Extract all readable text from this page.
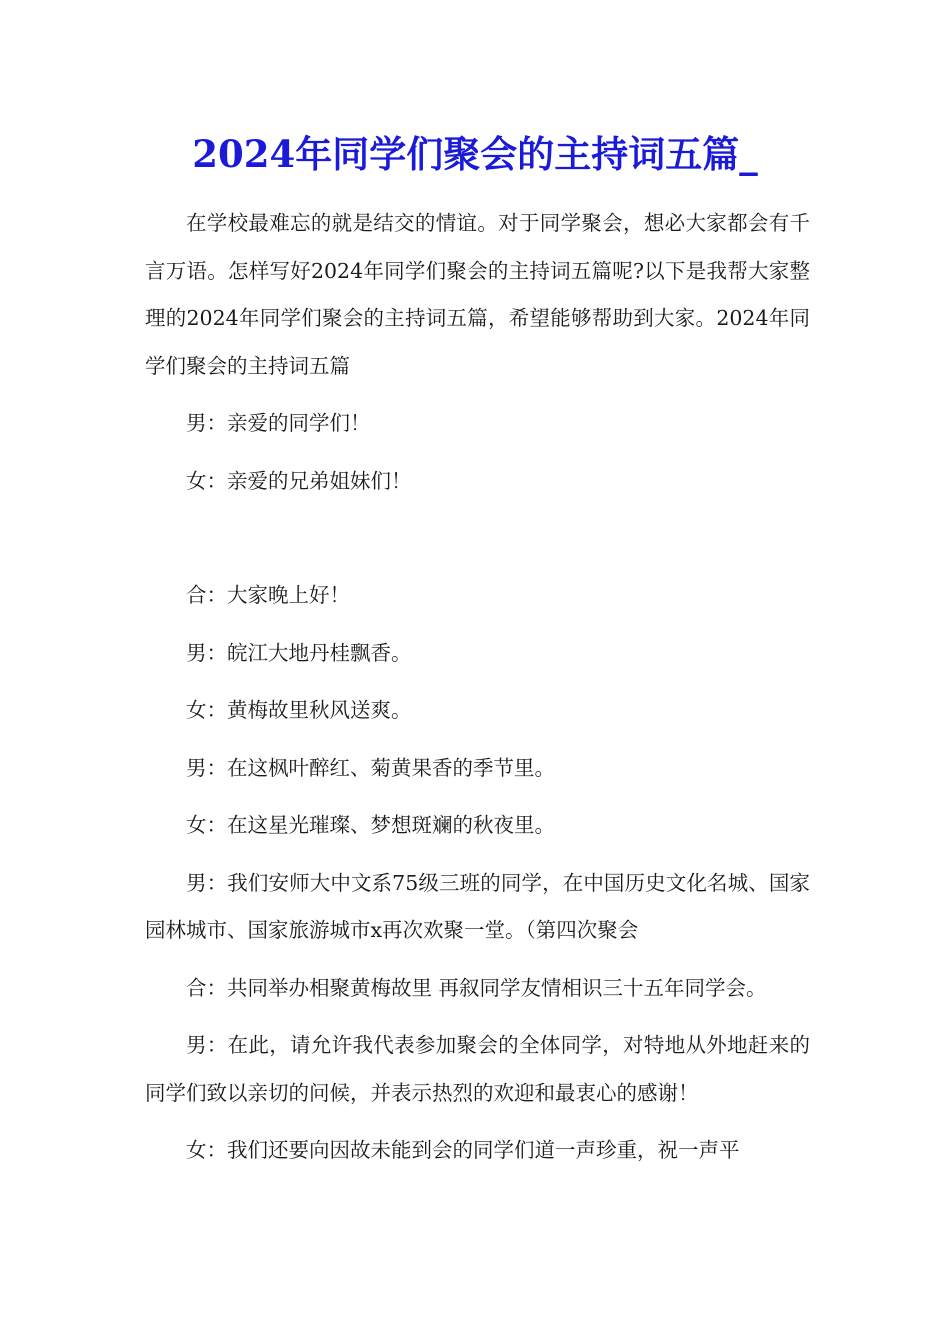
2024年同学们聚会的主持词五篇_

在学校最难忘的就是结交的情谊。对于同学聚会，想必大家都会有千言万语。怎样写好2024年同学们聚会的主持词五篇呢?以下是我帮大家整理的2024年同学们聚会的主持词五篇，希望能够帮助到大家。2024年同学们聚会的主持词五篇

男：亲爱的同学们！

女：亲爱的兄弟姐妹们！

合：大家晚上好！

男：皖江大地丹桂飘香。

女：黄梅故里秋风送爽。

男：在这枫叶醉红、菊黄果香的季节里。

女：在这星光璀璨、梦想斑斓的秋夜里。

男：我们安师大中文系75级三班的同学，在中国历史文化名城、国家园林城市、国家旅游城市x再次欢聚一堂。（第四次聚会

合：共同举办相聚黄梅故里 再叙同学友情相识三十五年同学会。

男：在此，请允许我代表参加聚会的全体同学，对特地从外地赶来的同学们致以亲切的问候，并表示热烈的欢迎和最衷心的感谢！

女：我们还要向因故未能到会的同学们道一声珍重，祝一声平
